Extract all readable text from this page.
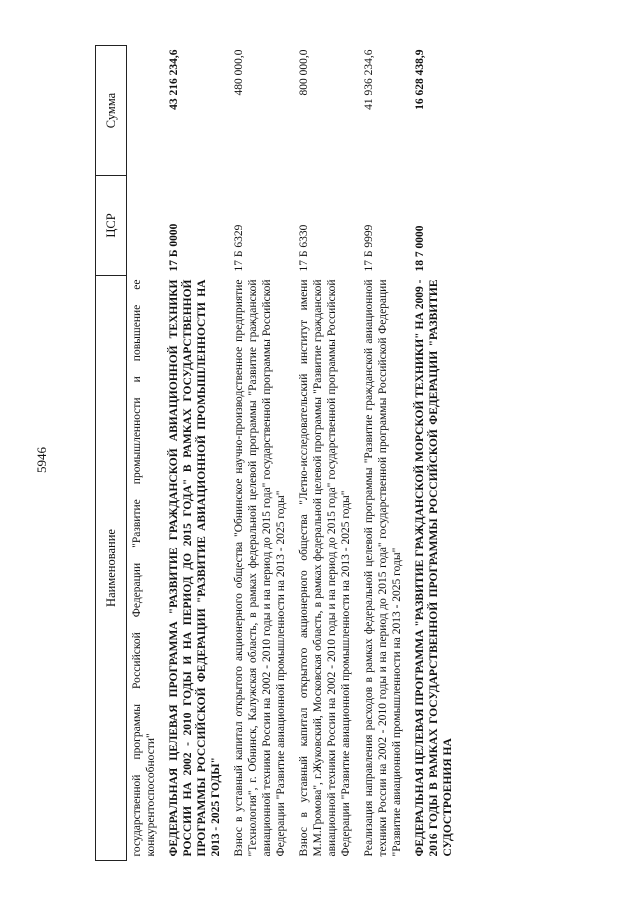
5946
Наименование	ЦСР	Сумма
государственной программы Российской Федерации "Развитие промышленности и повышение ее конкурентоспособности"		
ФЕДЕРАЛЬНАЯ ЦЕЛЕВАЯ ПРОГРАММА "РАЗВИТИЕ ГРАЖДАНСКОЙ АВИАЦИОННОЙ ТЕХНИКИ РОССИИ НА 2002 - 2010 ГОДЫ И НА ПЕРИОД ДО 2015 ГОДА" В РАМКАХ ГОСУДАРСТВЕННОЙ ПРОГРАММЫ РОССИЙСКОЙ ФЕДЕРАЦИИ "РАЗВИТИЕ АВИАЦИОННОЙ ПРОМЫШЛЕННОСТИ НА 2013 - 2025 ГОДЫ"	17 Б 0000	43 216 234,6
Взнос в уставный капитал открытого акционерного общества "Обнинское научно-производственное предприятие "Технология", г. Обнинск, Калужская область, в рамках федеральной целевой программы "Развитие гражданской авиационной техники России на 2002 - 2010 годы и на период до 2015 года" государственной программы Российской Федерации "Развитие авиационной промышленности на 2013 - 2025 годы"	17 Б 6329	480 000,0
Взнос в уставный капитал открытого акционерного общества "Летно-исследовательский институт имени М.М.Громова", г.Жуковский, Московская область, в рамках федеральной целевой программы "Развитие гражданской авиационной техники России на 2002 - 2010 годы и на период до 2015 года" государственной программы Российской Федерации "Развитие авиационной промышленности на 2013 - 2025 годы"	17 Б 6330	800 000,0
Реализация направления расходов в рамках федеральной целевой программы "Развитие гражданской авиационной техники России на 2002 - 2010 годы и на период до 2015 года" государственной программы Российской Федерации "Развитие авиационной промышленности на 2013 - 2025 годы"	17 Б 9999	41 936 234,6
ФЕДЕРАЛЬНАЯ ЦЕЛЕВАЯ ПРОГРАММА "РАЗВИТИЕ ГРАЖДАНСКОЙ МОРСКОЙ ТЕХНИКИ" НА 2009 - 2016 ГОДЫ В РАМКАХ ГОСУДАРСТВЕННОЙ ПРОГРАММЫ РОССИЙСКОЙ ФЕДЕРАЦИИ "РАЗВИТИЕ СУДОСТРОЕНИЯ НА	18 7 0000	16 628 438,9
